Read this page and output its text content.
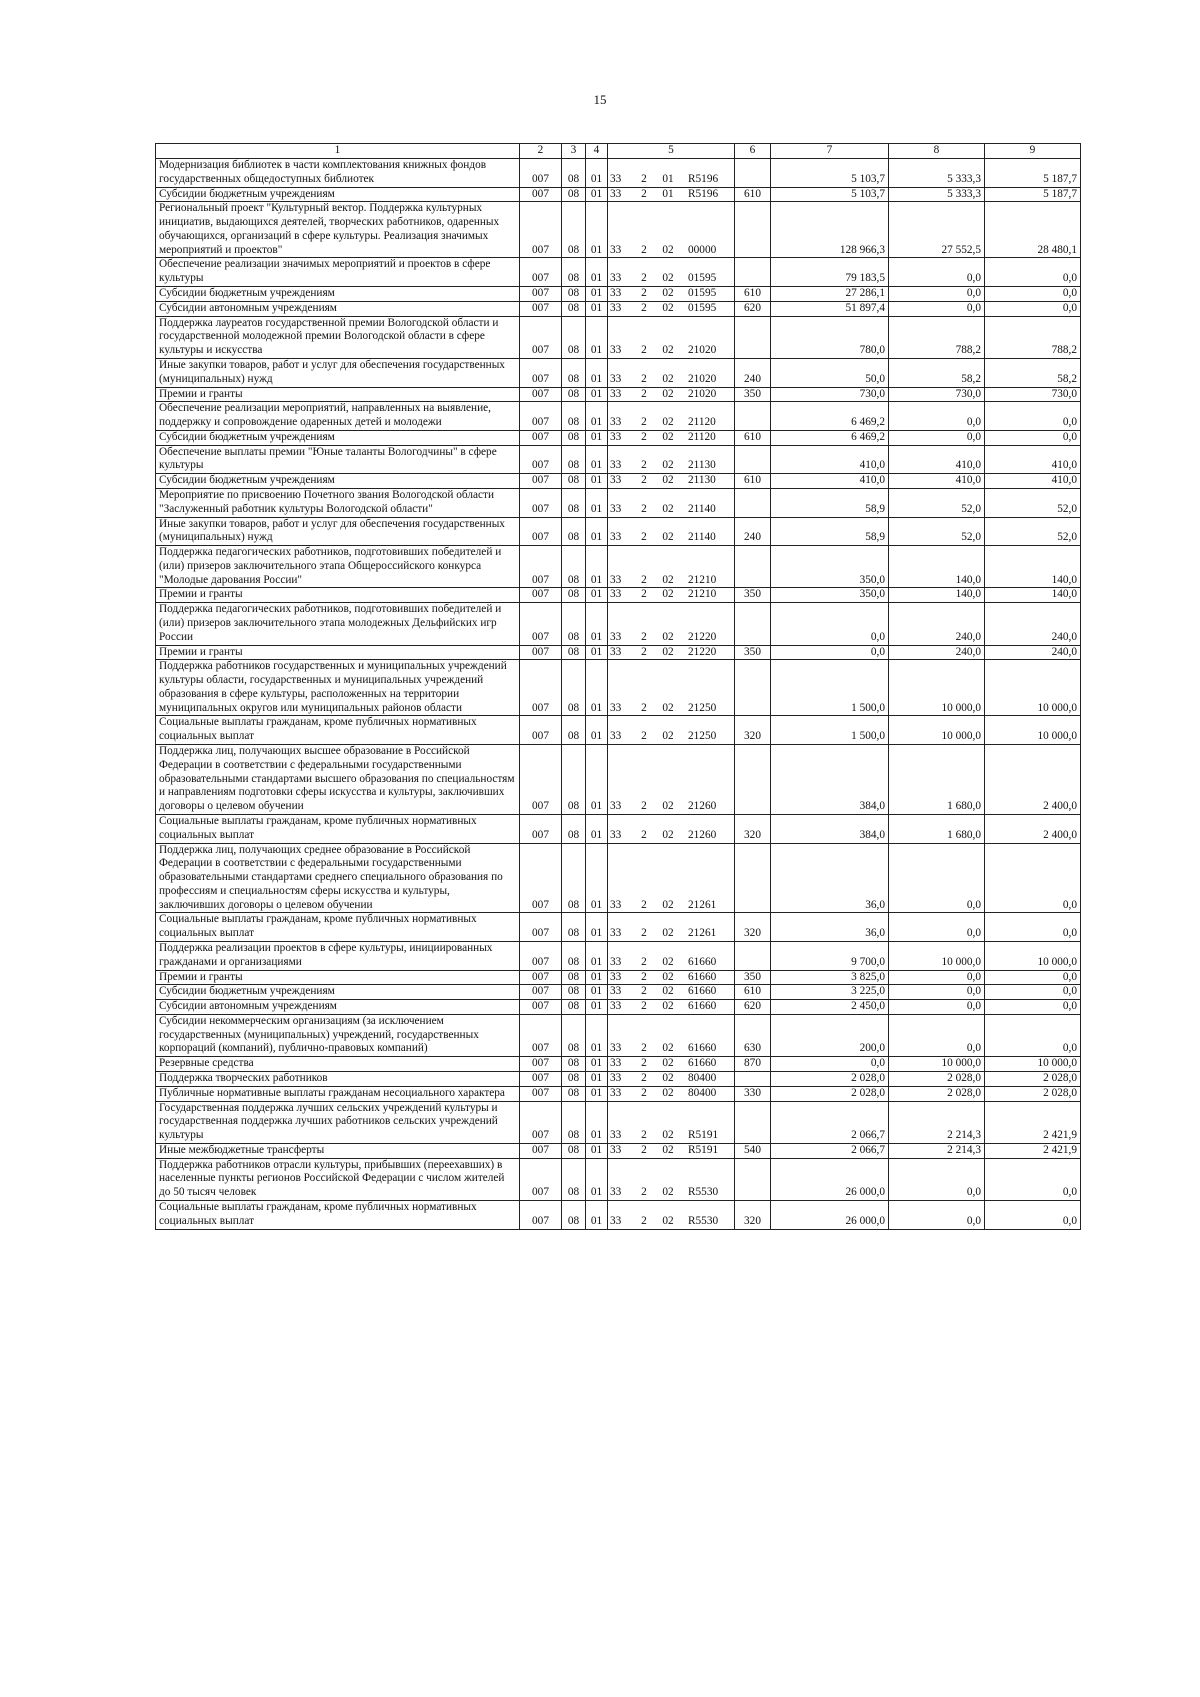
15
1	2	3	4	5	6	7	8	9
Модернизация библиотек в части комплектования книжных фондов государственных общедоступных библиотек	007	08	01	33 2 01 R5196		5 103,7	5 333,3	5 187,7
Субсидии бюджетным учреждениям	007	08	01	33 2 01 R5196	610	5 103,7	5 333,3	5 187,7
Региональный проект "Культурный вектор. Поддержка культурных инициатив, выдающихся деятелей, творческих работников, одаренных обучающихся, организаций в сфере культуры. Реализация значимых мероприятий и проектов"	007	08	01	33 2 02 00000		128 966,3	27 552,5	28 480,1
Обеспечение реализации значимых мероприятий и проектов в сфере культуры	007	08	01	33 2 02 01595		79 183,5	0,0	0,0
Субсидии бюджетным учреждениям	007	08	01	33 2 02 01595	610	27 286,1	0,0	0,0
Субсидии автономным учреждениям	007	08	01	33 2 02 01595	620	51 897,4	0,0	0,0
Поддержка лауреатов государственной премии Вологодской области и государственной молодежной премии Вологодской области в сфере культуры и искусства	007	08	01	33 2 02 21020		780,0	788,2	788,2
Иные закупки товаров, работ и услуг для обеспечения государственных (муниципальных) нужд	007	08	01	33 2 02 21020	240	50,0	58,2	58,2
Премии и гранты	007	08	01	33 2 02 21020	350	730,0	730,0	730,0
Обеспечение реализации мероприятий, направленных на выявление, поддержку и сопровождение одаренных детей и молодежи	007	08	01	33 2 02 21120		6 469,2	0,0	0,0
Субсидии бюджетным учреждениям	007	08	01	33 2 02 21120	610	6 469,2	0,0	0,0
Обеспечение выплаты премии "Юные таланты Вологодчины" в сфере культуры	007	08	01	33 2 02 21130		410,0	410,0	410,0
Субсидии бюджетным учреждениям	007	08	01	33 2 02 21130	610	410,0	410,0	410,0
Мероприятие по присвоению Почетного звания Вологодской области "Заслуженный работник культуры Вологодской области"	007	08	01	33 2 02 21140		58,9	52,0	52,0
Иные закупки товаров, работ и услуг для обеспечения государственных (муниципальных) нужд	007	08	01	33 2 02 21140	240	58,9	52,0	52,0
Поддержка педагогических работников, подготовивших победителей и (или) призеров заключительного этапа Общероссийского конкурса "Молодые дарования России"	007	08	01	33 2 02 21210		350,0	140,0	140,0
Премии и гранты	007	08	01	33 2 02 21210	350	350,0	140,0	140,0
Поддержка педагогических работников, подготовивших победителей и (или) призеров заключительного этапа молодежных Дельфийских игр России	007	08	01	33 2 02 21220		0,0	240,0	240,0
Премии и гранты	007	08	01	33 2 02 21220	350	0,0	240,0	240,0
Поддержка работников государственных и муниципальных учреждений культуры области, государственных и муниципальных учреждений образования в сфере культуры, расположенных на территории муниципальных округов или муниципальных районов области	007	08	01	33 2 02 21250		1 500,0	10 000,0	10 000,0
Социальные выплаты гражданам, кроме публичных нормативных социальных выплат	007	08	01	33 2 02 21250	320	1 500,0	10 000,0	10 000,0
Поддержка лиц, получающих высшее образование в Российской Федерации в соответствии с федеральными государственными образовательными стандартами высшего образования по специальностям и направлениям подготовки сферы искусства и культуры, заключивших договоры о целевом обучении	007	08	01	33 2 02 21260		384,0	1 680,0	2 400,0
Социальные выплаты гражданам, кроме публичных нормативных социальных выплат	007	08	01	33 2 02 21260	320	384,0	1 680,0	2 400,0
Поддержка лиц, получающих среднее образование в Российской Федерации в соответствии с федеральными государственными образовательными стандартами среднего специального образования по профессиям и специальностям сферы искусства и культуры, заключивших договоры о целевом обучении	007	08	01	33 2 02 21261		36,0	0,0	0,0
Социальные выплаты гражданам, кроме публичных нормативных социальных выплат	007	08	01	33 2 02 21261	320	36,0	0,0	0,0
Поддержка реализации проектов в сфере культуры, инициированных гражданами и организациями	007	08	01	33 2 02 61660		9 700,0	10 000,0	10 000,0
Премии и гранты	007	08	01	33 2 02 61660	350	3 825,0	0,0	0,0
Субсидии бюджетным учреждениям	007	08	01	33 2 02 61660	610	3 225,0	0,0	0,0
Субсидии автономным учреждениям	007	08	01	33 2 02 61660	620	2 450,0	0,0	0,0
Субсидии некоммерческим организациям (за исключением государственных (муниципальных) учреждений, государственных корпораций (компаний), публично-правовых компаний)	007	08	01	33 2 02 61660	630	200,0	0,0	0,0
Резервные средства	007	08	01	33 2 02 61660	870	0,0	10 000,0	10 000,0
Поддержка творческих работников	007	08	01	33 2 02 80400		2 028,0	2 028,0	2 028,0
Публичные нормативные выплаты гражданам несоциального характера	007	08	01	33 2 02 80400	330	2 028,0	2 028,0	2 028,0
Государственная поддержка лучших сельских учреждений культуры и государственная поддержка лучших работников сельских учреждений культуры	007	08	01	33 2 02 R5191		2 066,7	2 214,3	2 421,9
Иные межбюджетные трансферты	007	08	01	33 2 02 R5191	540	2 066,7	2 214,3	2 421,9
Поддержка работников отрасли культуры, прибывших (переехавших) в населенные пункты регионов Российской Федерации с числом жителей до 50 тысяч человек	007	08	01	33 2 02 R5530		26 000,0	0,0	0,0
Социальные выплаты гражданам, кроме публичных нормативных социальных выплат	007	08	01	33 2 02 R5530	320	26 000,0	0,0	0,0
